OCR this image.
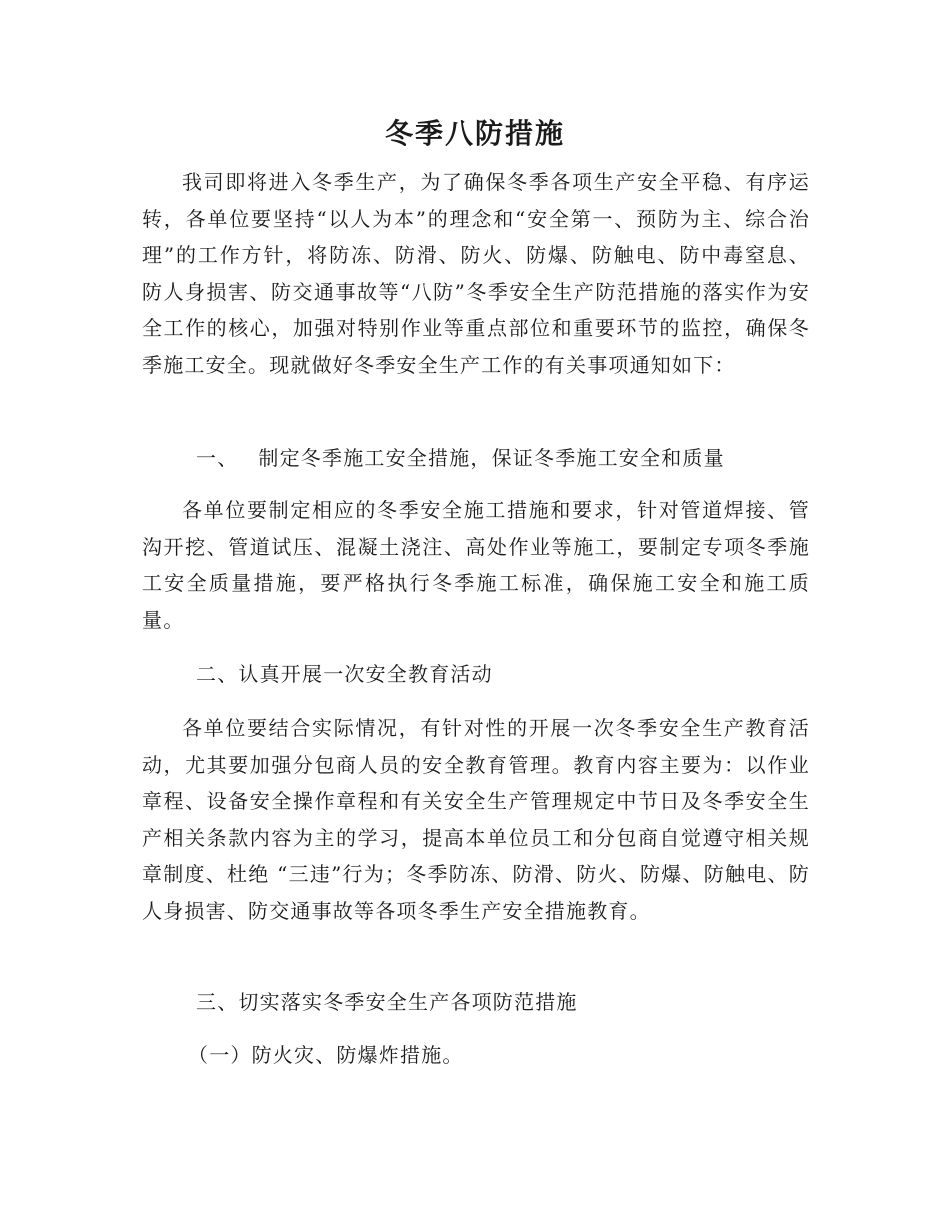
冬季八防措施

我司即将进入冬季生产，为了确保冬季各项生产安全平稳、有序运转，各单位要坚持“以人为本”的理念和“安全第一、预防为主、综合治理”的工作方针，将防冻、防滑、防火、防爆、防触电、防中毒窒息、防人身损害、防交通事故等“八防”冬季安全生产防范措施的落实作为安全工作的核心，加强对特别作业等重点部位和重要环节的监控，确保冬季施工安全。现就做好冬季安全生产工作的有关事项通知如下：

一、 制定冬季施工安全措施，保证冬季施工安全和质量

各单位要制定相应的冬季安全施工措施和要求，针对管道焊接、管沟开挖、管道试压、混凝土浇注、高处作业等施工，要制定专项冬季施工安全质量措施，要严格执行冬季施工标准，确保施工安全和施工质量。

二、认真开展一次安全教育活动

各单位要结合实际情况，有针对性的开展一次冬季安全生产教育活动，尤其要加强分包商人员的安全教育管理。教育内容主要为：以作业章程、设备安全操作章程和有关安全生产管理规定中节日及冬季安全生产相关条款内容为主的学习，提高本单位员工和分包商自觉遵守相关规章制度、杜绝 “三违”行为；冬季防冻、防滑、防火、防爆、防触电、防人身损害、防交通事故等各项冬季生产安全措施教育。

三、切实落实冬季安全生产各项防范措施
（一）防火灾、防爆炸措施。
